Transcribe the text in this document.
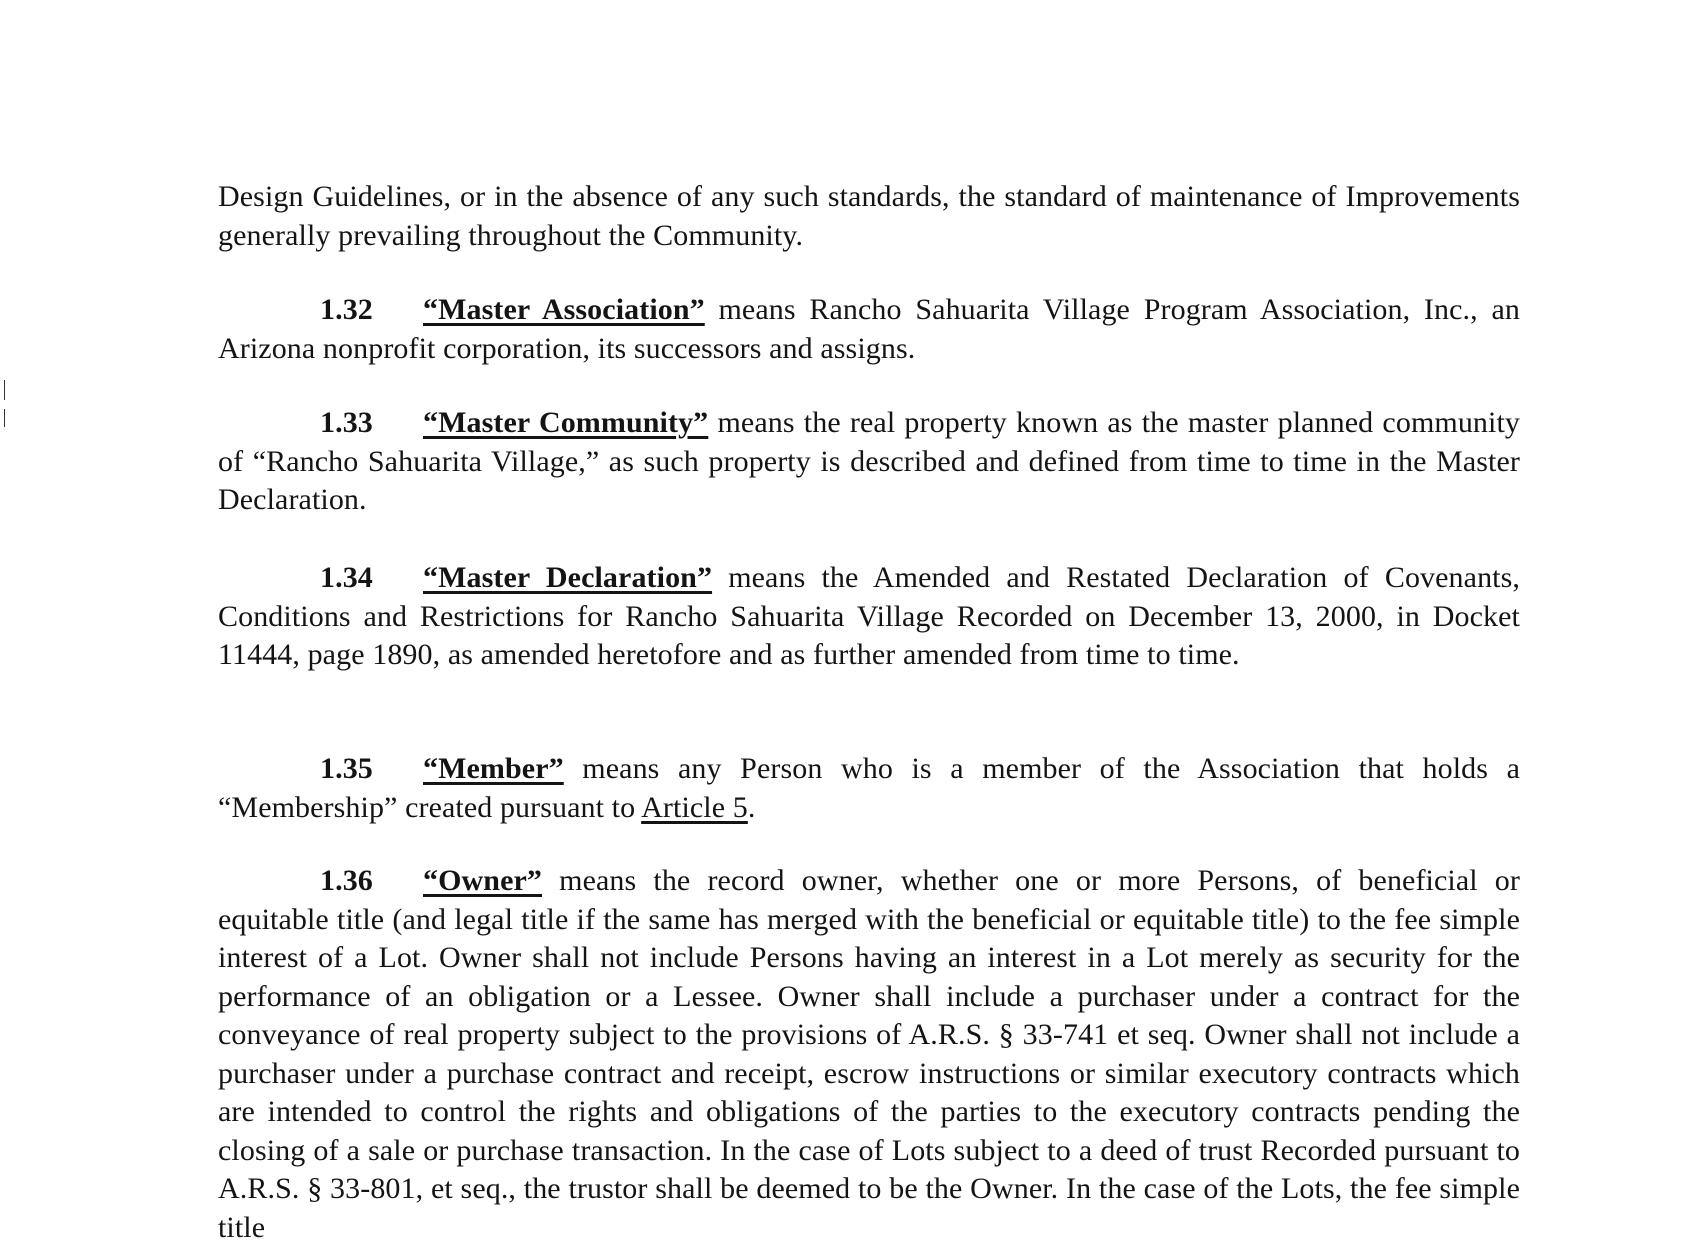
Design Guidelines, or in the absence of any such standards, the standard of maintenance of Improvements generally prevailing throughout the Community.

1.32 “Master Association” means Rancho Sahuarita Village Program Association, Inc., an Arizona nonprofit corporation, its successors and assigns.

1.33 “Master Community” means the real property known as the master planned community of “Rancho Sahuarita Village,” as such property is described and defined from time to time in the Master Declaration.

1.34 “Master Declaration” means the Amended and Restated Declaration of Covenants, Conditions and Restrictions for Rancho Sahuarita Village Recorded on December 13, 2000, in Docket 11444, page 1890, as amended heretofore and as further amended from time to time.

1.35 “Member” means any Person who is a member of the Association that holds a “Membership” created pursuant to Article 5.

1.36 “Owner” means the record owner, whether one or more Persons, of beneficial or equitable title (and legal title if the same has merged with the beneficial or equitable title) to the fee simple interest of a Lot. Owner shall not include Persons having an interest in a Lot merely as security for the performance of an obligation or a Lessee. Owner shall include a purchaser under a contract for the conveyance of real property subject to the provisions of A.R.S. § 33-741 et seq. Owner shall not include a purchaser under a purchase contract and receipt, escrow instructions or similar executory contracts which are intended to control the rights and obligations of the parties to the executory contracts pending the closing of a sale or purchase transaction. In the case of Lots subject to a deed of trust Recorded pursuant to A.R.S. § 33-801, et seq., the trustor shall be deemed to be the Owner. In the case of the Lots, the fee simple title
